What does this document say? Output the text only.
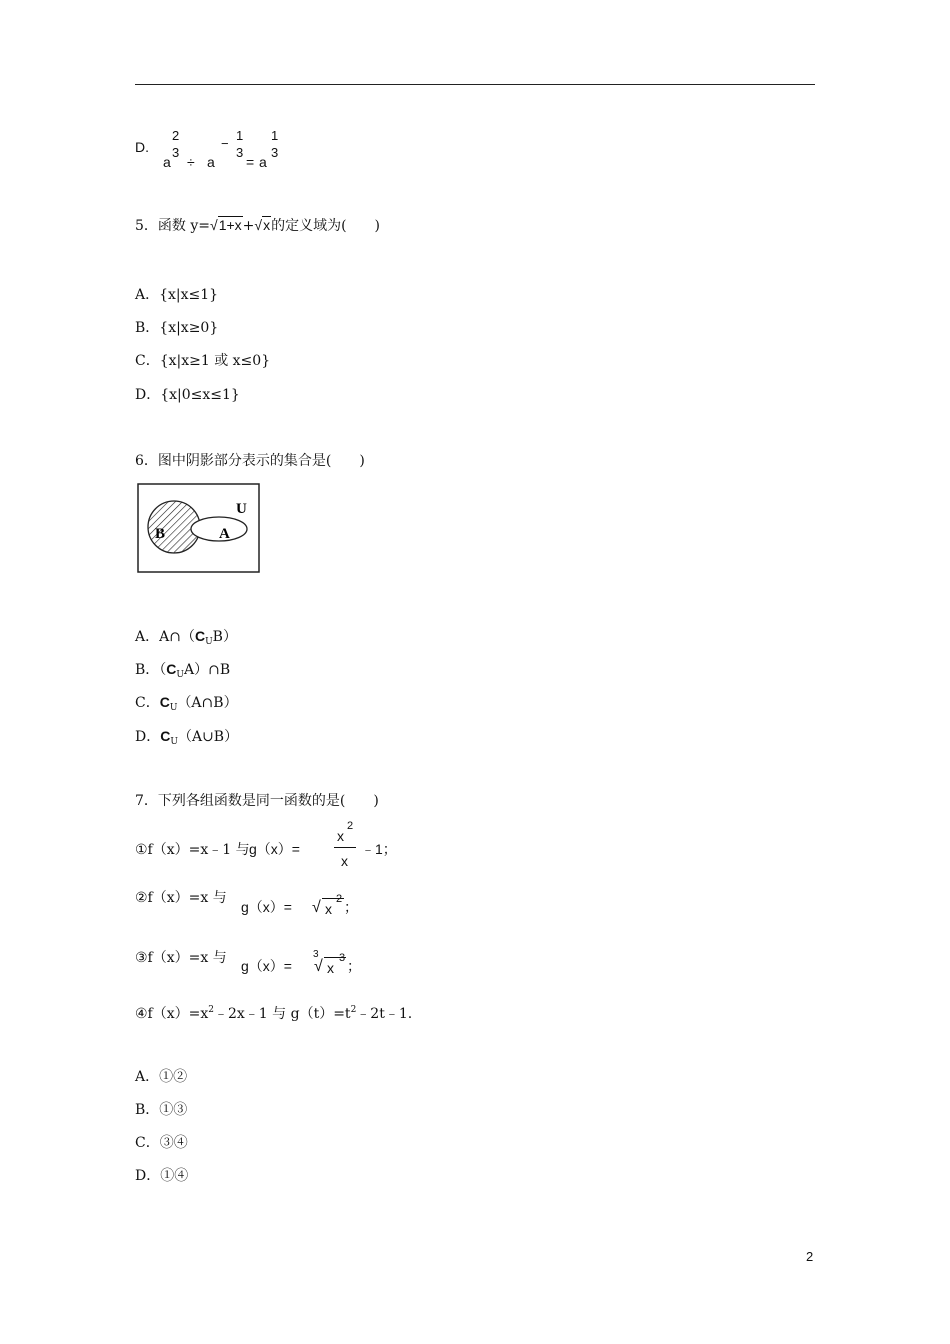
D.
2
3
a ÷ a
−
1
3
= a
1
3
5．函数 y=√1+x+√x的定义域为(　　)
A．{x|x≤1}
B．{x|x≥0}
C．{x|x≥1 或 x≤0}
D．{x|0≤x≤1}
6．图中阴影部分表示的集合是(　　)
U
A
B
A．$A\cap(C_UB)$
B．$(C_UA)\cap B$
C．$C_U(A\cap B)$
D．$C_U(A\cup B)$
7．下列各组函数是同一函数的是(　　)
①f（x）=x﹣1 与 g（x）=
x
2
x
﹣1；
②f（x）=x 与
g（x）= √ x
2 ；
③f（x）=x 与 g（x）=
3
√ x
3 ；
$④f(x)=x^2﹣2x﹣1$ 与 $g(t)=t^2﹣2t﹣1$.
A．①②
B．①③
C．③④
D．①④
2
